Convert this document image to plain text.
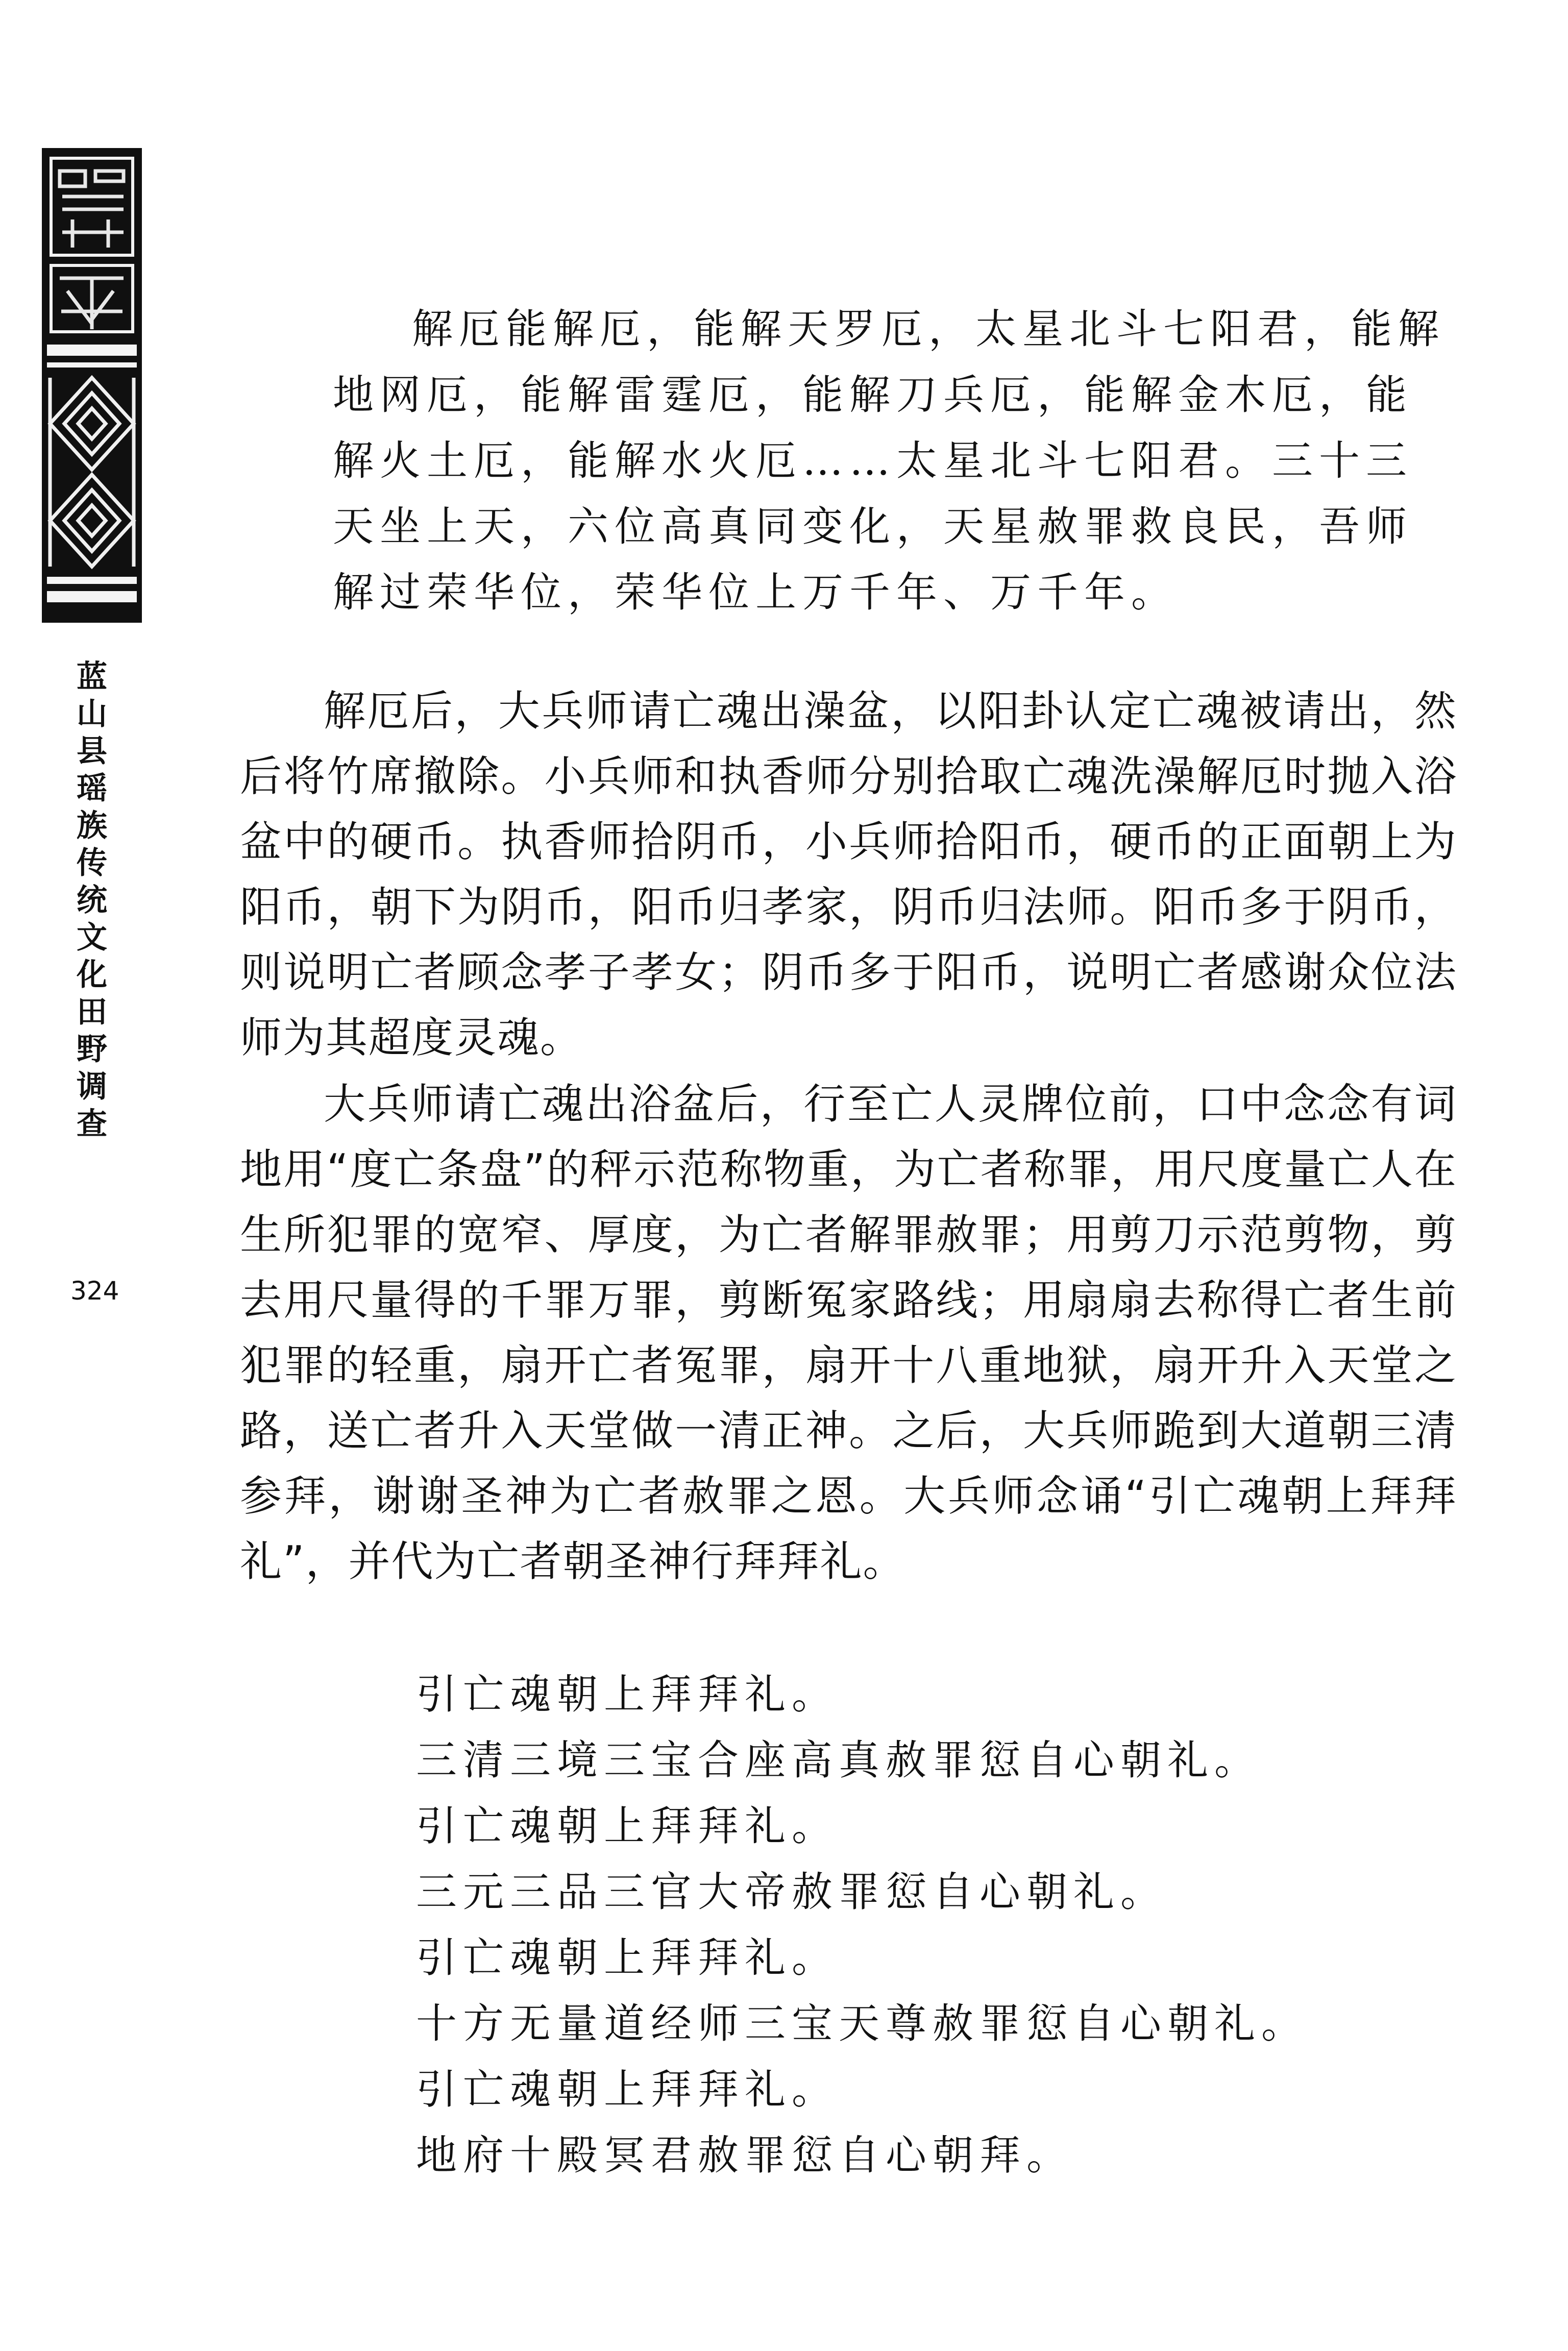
蓝山县瑶族传统文化田野调查
324

解厄能解厄，能解天罗厄，太星北斗七阳君，能解地网厄，能解雷霆厄，能解刀兵厄，能解金木厄，能解火土厄，能解水火厄……太星北斗七阳君。三十三天坐上天，六位高真同变化，天星赦罪救良民，吾师解过荣华位，荣华位上万千年、万千年。

解厄后，大兵师请亡魂出澡盆，以阳卦认定亡魂被请出，然后将竹席撤除。小兵师和执香师分别拾取亡魂洗澡解厄时抛入浴盆中的硬币。执香师拾阴币，小兵师拾阳币，硬币的正面朝上为阳币，朝下为阴币，阳币归孝家，阴币归法师。阳币多于阴币，则说明亡者顾念孝子孝女；阴币多于阳币，说明亡者感谢众位法师为其超度灵魂。

大兵师请亡魂出浴盆后，行至亡人灵牌位前，口中念念有词地用“度亡条盘”的秤示范称物重，为亡者称罪，用尺度量亡人在生所犯罪的宽窄、厚度，为亡者解罪赦罪；用剪刀示范剪物，剪去用尺量得的千罪万罪，剪断冤家路线；用扇扇去称得亡者生前犯罪的轻重，扇开亡者冤罪，扇开十八重地狱，扇开升入天堂之路，送亡者升入天堂做一清正神。之后，大兵师跪到大道朝三清参拜，谢谢圣神为亡者赦罪之恩。大兵师念诵“引亡魂朝上拜拜礼”，并代为亡者朝圣神行拜拜礼。

引亡魂朝上拜拜礼。
三清三境三宝合座高真赦罪愆自心朝礼。
引亡魂朝上拜拜礼。
三元三品三官大帝赦罪愆自心朝礼。
引亡魂朝上拜拜礼。
十方无量道经师三宝天尊赦罪愆自心朝礼。
引亡魂朝上拜拜礼。
地府十殿冥君赦罪愆自心朝拜。
